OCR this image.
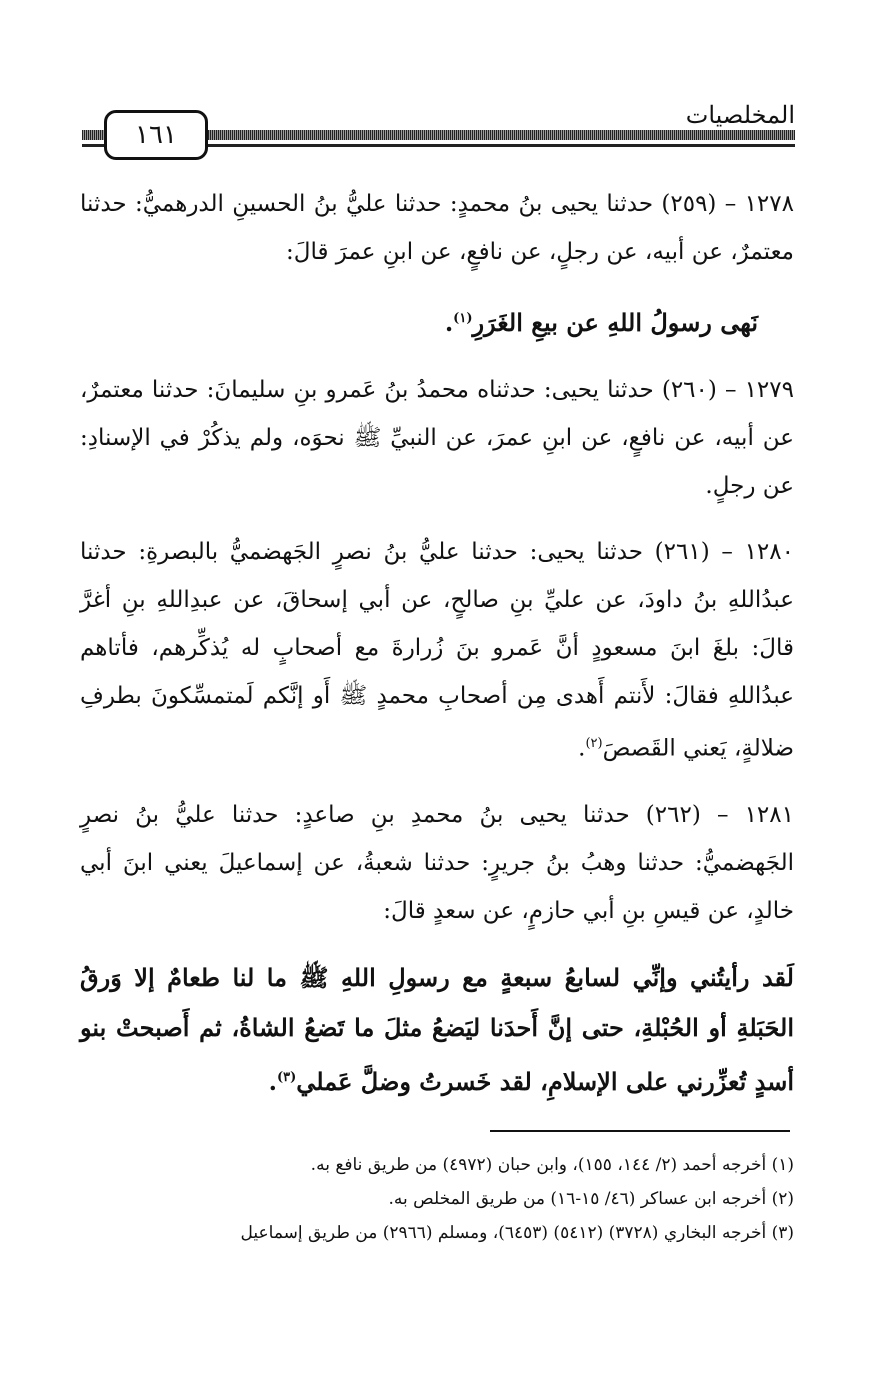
المخلصيات
١٦١

١٢٧٨ – (٢٥٩) حدثنا يحيى بنُ محمدٍ: حدثنا عليُّ بنُ الحسينِ الدرهميُّ: حدثنا معتمرٌ، عن أبيه، عن رجلٍ، عن نافعٍ، عن ابنِ عمرَ قالَ:

نَهى رسولُ اللهِ عن بيعِ الغَرَرِ$^{(١)}$.

١٢٧٩ – (٢٦٠) حدثنا يحيى: حدثناه محمدُ بنُ عَمرو بنِ سليمانَ: حدثنا معتمرٌ، عن أبيه، عن نافعٍ، عن ابنِ عمرَ، عن النبيِّ ﷺ نحوَه، ولم يذكُرْ في الإسنادِ: عن رجلٍ.

١٢٨٠ – (٢٦١) حدثنا يحيى: حدثنا عليُّ بنُ نصرٍ الجَهضميُّ بالبصرةِ: حدثنا عبدُاللهِ بنُ داودَ، عن عليِّ بنِ صالحٍ، عن أبي إسحاقَ، عن عبدِاللهِ بنِ أغرَّ قالَ: بلغَ ابنَ مسعودٍ أنَّ عَمرو بنَ زُرارةَ مع أصحابٍ له يُذكِّرهم، فأتاهم عبدُاللهِ فقالَ: لأَنتم أَهدى مِن أصحابِ محمدٍ ﷺ أَو إنَّكم لَمتمسِّكونَ بطرفِ ضلالةٍ، يَعني القَصصَ$^{(٢)}$.

١٢٨١ – (٢٦٢) حدثنا يحيى بنُ محمدِ بنِ صاعدٍ: حدثنا عليُّ بنُ نصرٍ الجَهضميُّ: حدثنا وهبُ بنُ جريرٍ: حدثنا شعبةُ، عن إسماعيلَ يعني ابنَ أبي خالدٍ، عن قيسِ بنِ أبي حازمٍ، عن سعدٍ قالَ:

لَقد رأيتُني وإنِّي لسابعُ سبعةٍ مع رسولِ اللهِ ﷺ ما لنا طعامٌ إلا وَرقُ الحَبَلةِ أو الحُبْلةِ، حتى إنَّ أَحدَنا ليَضعُ مثلَ ما تَضعُ الشاةُ، ثم أَصبحتْ بنو أسدٍ تُعزِّرني على الإسلامِ، لقد خَسرتُ وضلَّ عَملي$^{(٣)}$.

(١) أخرجه أحمد (٢/ ١٤٤، ١٥٥)، وابن حبان (٤٩٧٢) من طريق نافع به.

(٢) أخرجه ابن عساكر (٤٦/ ١٥-١٦) من طريق المخلص به.

(٣) أخرجه البخاري (٣٧٢٨) (٥٤١٢) (٦٤٥٣)، ومسلم (٢٩٦٦) من طريق إسماعيل
